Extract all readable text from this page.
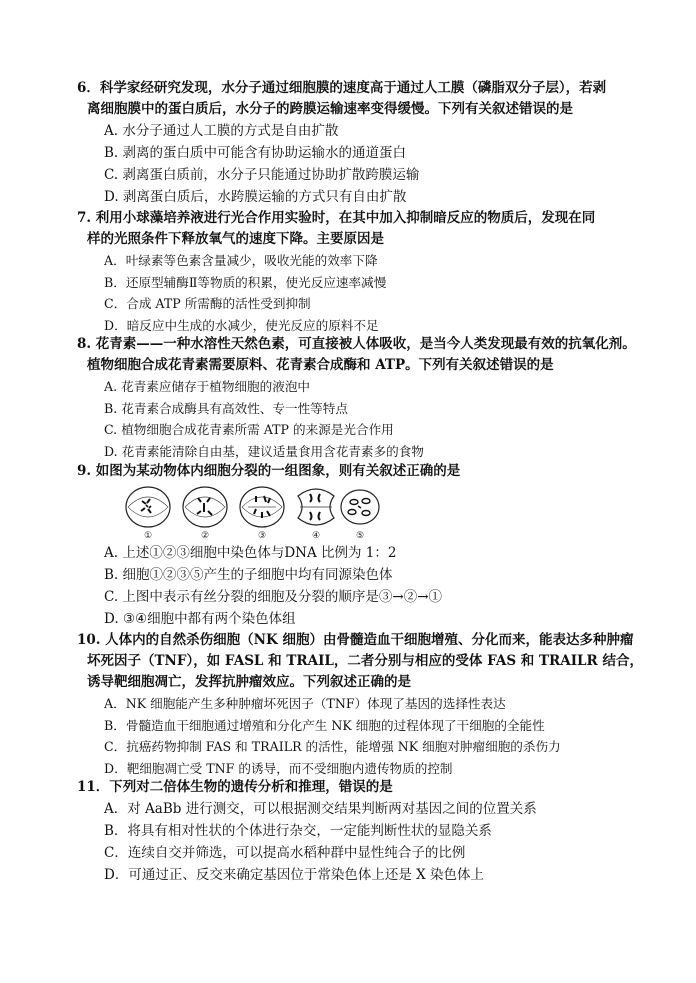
6．科学家经研究发现，水分子通过细胞膜的速度高于通过人工膜（磷脂双分子层），若剥
离细胞膜中的蛋白质后，水分子的跨膜运输速率变得缓慢。下列有关叙述错误的是
A. 水分子通过人工膜的方式是自由扩散
B. 剥离的蛋白质中可能含有协助运输水的通道蛋白
C. 剥离蛋白质前，水分子只能通过协助扩散跨膜运输
D. 剥离蛋白质后，水跨膜运输的方式只有自由扩散
7. 利用小球藻培养液进行光合作用实验时，在其中加入抑制暗反应的物质后，发现在同
样的光照条件下释放氧气的速度下降。主要原因是
A．叶绿素等色素含量减少，吸收光能的效率下降
B．还原型辅酶Ⅱ等物质的积累，使光反应速率减慢
C．合成 ATP 所需酶的活性受到抑制
D．暗反应中生成的水减少，使光反应的原料不足
8. 花青素——一种水溶性天然色素，可直接被人体吸收，是当今人类发现最有效的抗氧化剂。
植物细胞合成花青素需要原料、花青素合成酶和 ATP。下列有关叙述错误的是
A. 花青素应储存于植物细胞的液泡中
B. 花青素合成酶具有高效性、专一性等特点
C. 植物细胞合成花青素所需 ATP 的来源是光合作用
D. 花青素能清除自由基，建议适量食用含花青素多的食物
9. 如图为某动物体内细胞分裂的一组图象，则有关叙述正确的是
①	②	③	④	⑤
A. 上述①②③细胞中染色体与DNA 比例为 1：2
B. 细胞①②③⑤产生的子细胞中均有同源染色体
C. 上图中表示有丝分裂的细胞及分裂的顺序是③→②→①
D. ③④细胞中都有两个染色体组
10. 人体内的自然杀伤细胞（NK 细胞）由骨髓造血干细胞增殖、分化而来，能表达多种肿瘤
坏死因子（TNF），如 FASL 和 TRAIL，二者分别与相应的受体 FAS 和 TRAILR 结合，
诱导靶细胞凋亡，发挥抗肿瘤效应。下列叙述正确的是
A．NK 细胞能产生多种肿瘤坏死因子（TNF）体现了基因的选择性表达
B．骨髓造血干细胞通过增殖和分化产生 NK 细胞的过程体现了干细胞的全能性
C．抗癌药物抑制 FAS 和 TRAILR 的活性，能增强 NK 细胞对肿瘤细胞的杀伤力
D．靶细胞凋亡受 TNF 的诱导，而不受细胞内遗传物质的控制
11．下列对二倍体生物的遗传分析和推理，错误的是
A．对 AaBb 进行测交，可以根据测交结果判断两对基因之间的位置关系
B．将具有相对性状的个体进行杂交，一定能判断性状的显隐关系
C．连续自交并筛选，可以提高水稻种群中显性纯合子的比例
D．可通过正、反交来确定基因位于常染色体上还是 X 染色体上
